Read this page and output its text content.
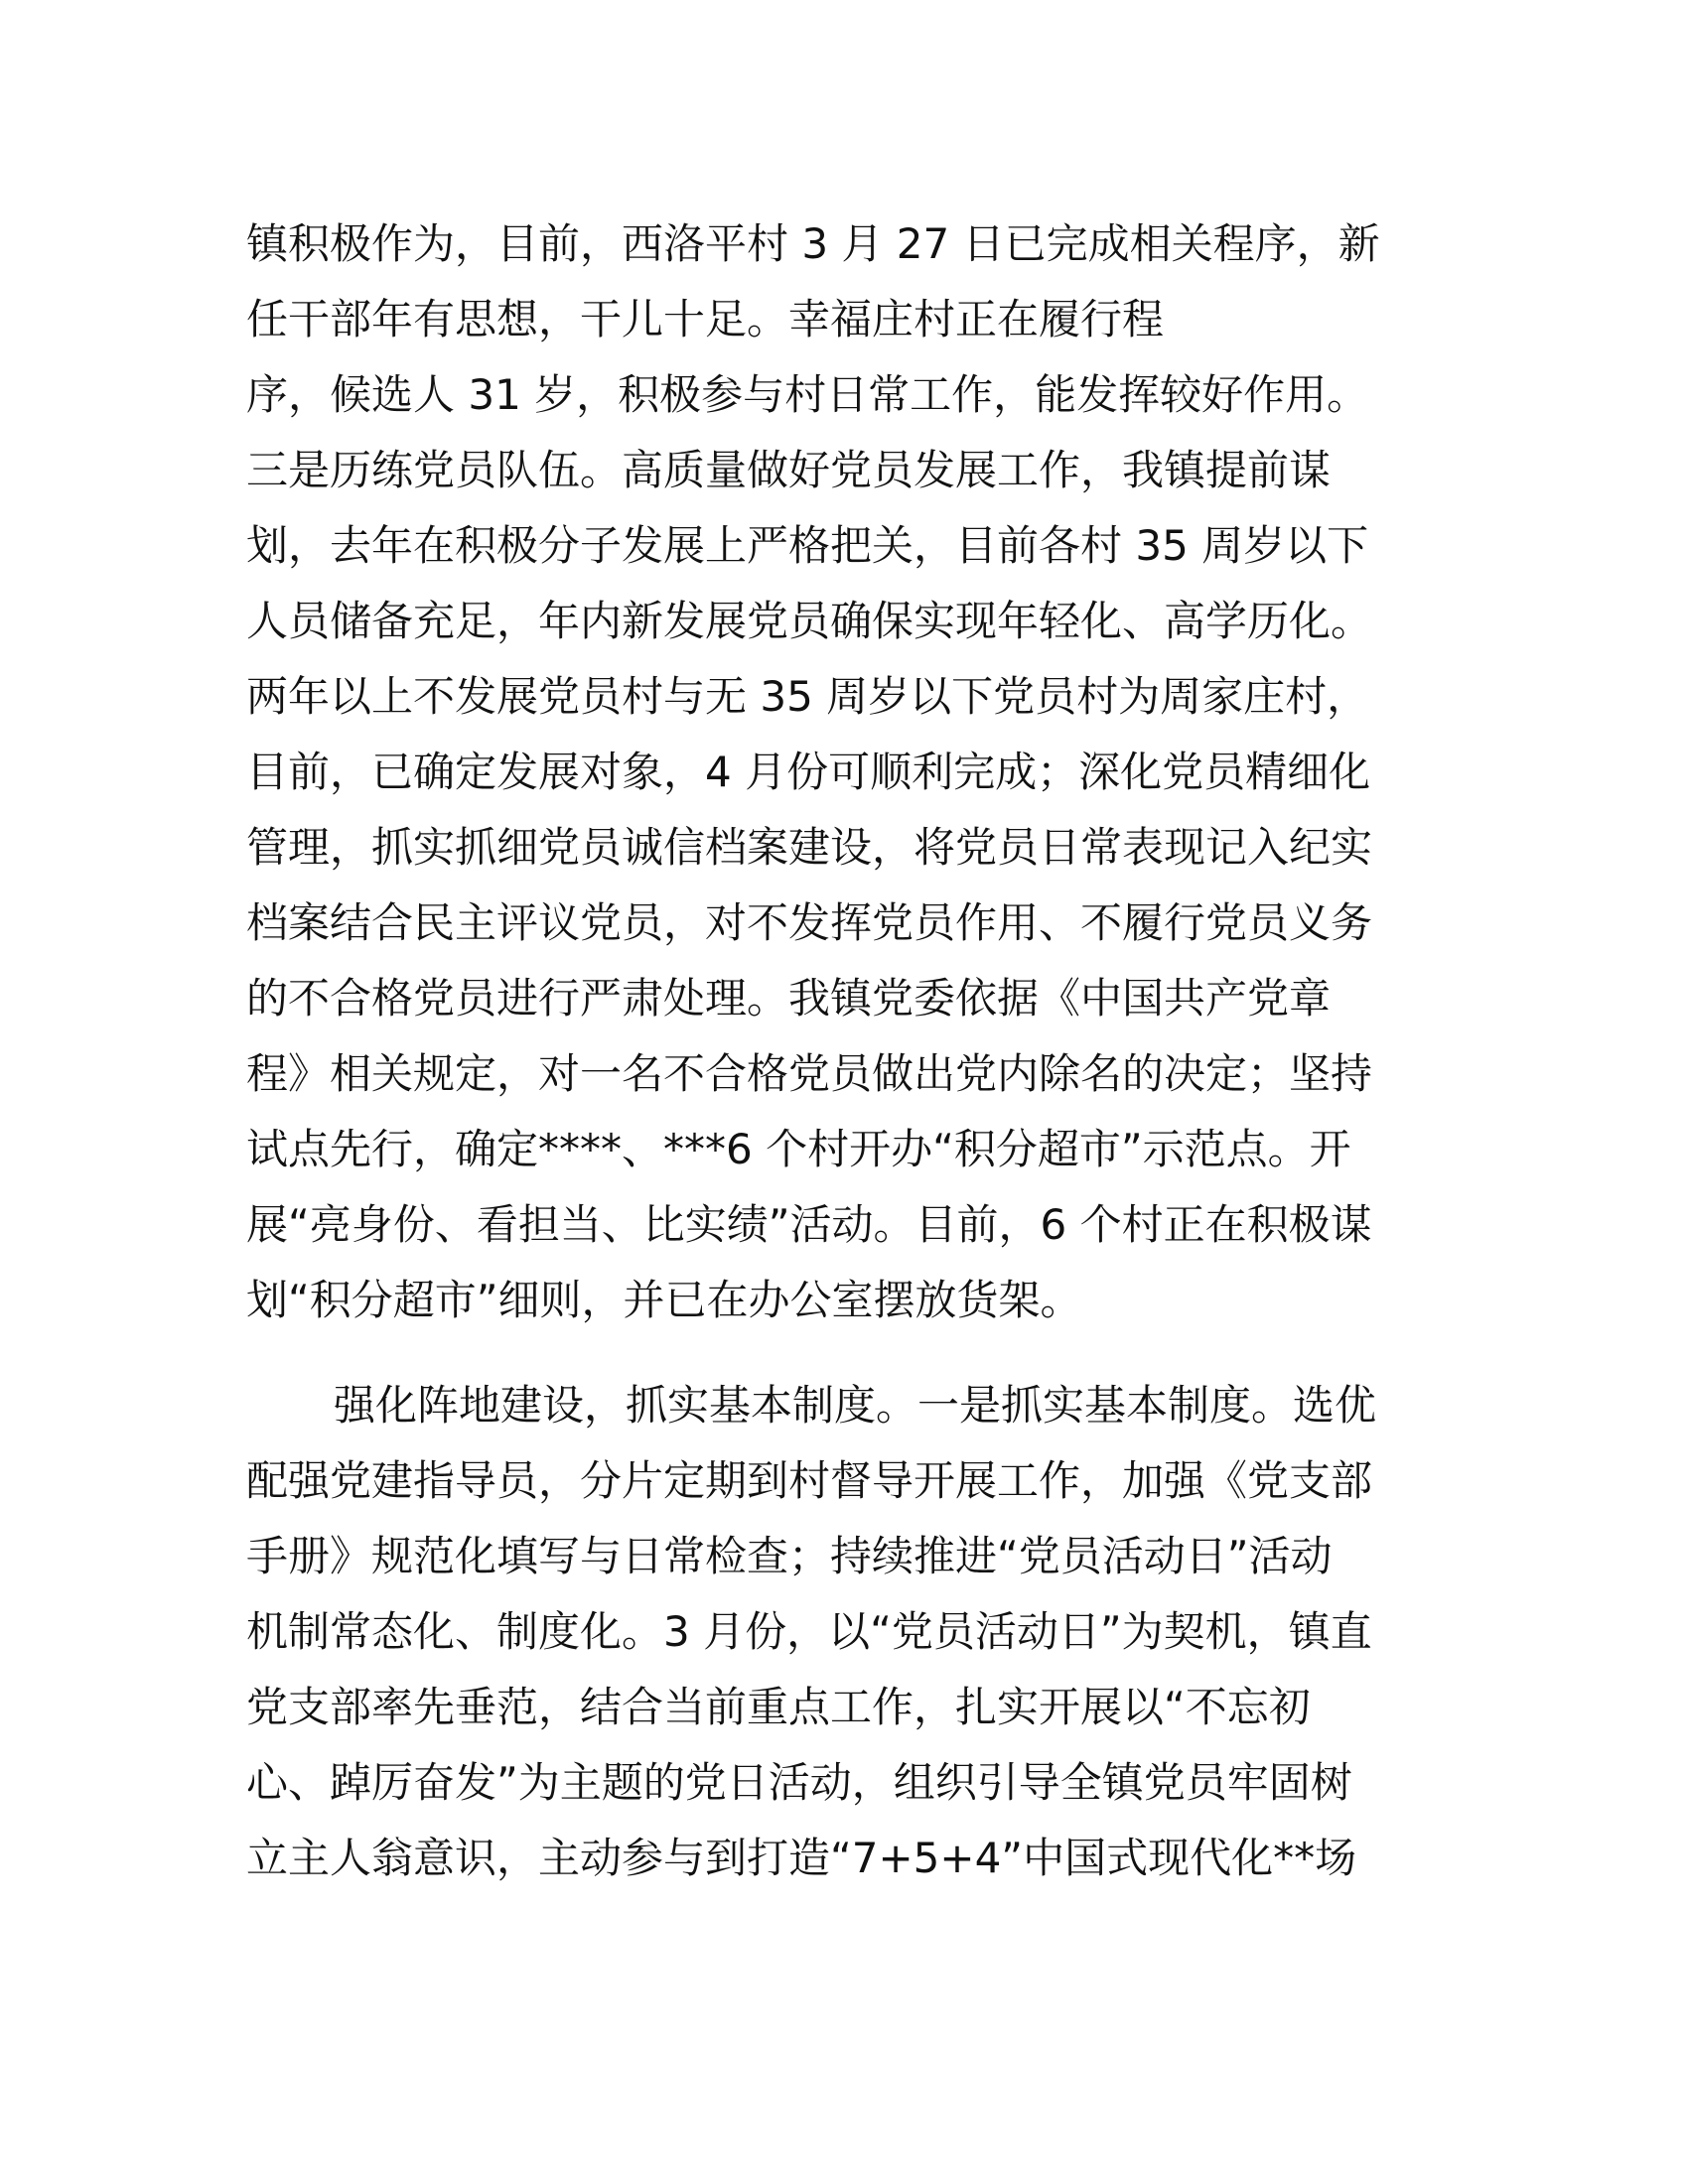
镇积极作为，目前，西洛平村 3 月 27 日已完成相关程序，新
任干部年有思想，干儿十足。幸福庄村正在履行程
序，候选人 31 岁，积极参与村日常工作，能发挥较好作用。
三是历练党员队伍。高质量做好党员发展工作，我镇提前谋
划，去年在积极分子发展上严格把关，目前各村 35 周岁以下
人员储备充足，年内新发展党员确保实现年轻化、高学历化。
两年以上不发展党员村与无 35 周岁以下党员村为周家庄村，
目前，已确定发展对象，4 月份可顺利完成；深化党员精细化
管理，抓实抓细党员诚信档案建设，将党员日常表现记入纪实
档案结合民主评议党员，对不发挥党员作用、不履行党员义务
的不合格党员进行严肃处理。我镇党委依据《中国共产党章
程》相关规定，对一名不合格党员做出党内除名的决定；坚持
试点先行，确定****、***6 个村开办“积分超市”示范点。开
展“亮身份、看担当、比实绩”活动。目前，6 个村正在积极谋
划“积分超市”细则，并已在办公室摆放货架。
强化阵地建设，抓实基本制度。一是抓实基本制度。选优
配强党建指导员，分片定期到村督导开展工作，加强《党支部
手册》规范化填写与日常检查；持续推进“党员活动日”活动
机制常态化、制度化。3 月份，以“党员活动日”为契机，镇直
党支部率先垂范，结合当前重点工作，扎实开展以“不忘初
心、踔厉奋发”为主题的党日活动，组织引导全镇党员牢固树
立主人翁意识，主动参与到打造“7+5+4”中国式现代化**场
